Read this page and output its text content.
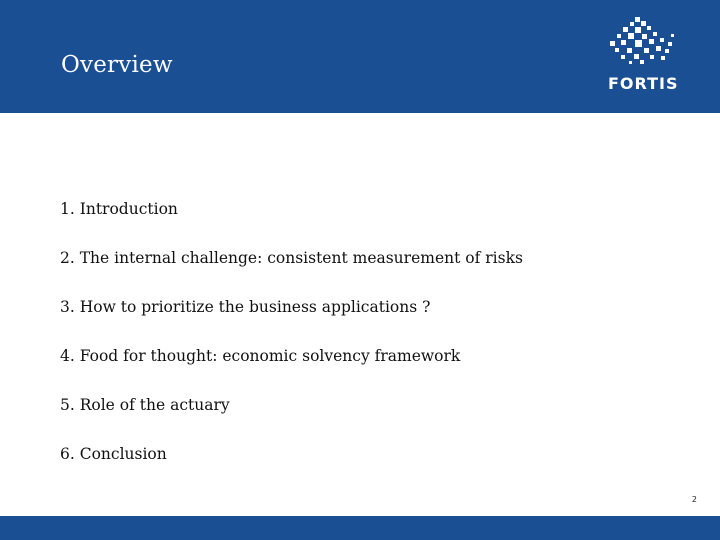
Overview
FORTIS
1. Introduction
2. The internal challenge: consistent measurement of risks
3. How to prioritize the business applications ?
4. Food for thought: economic solvency framework
5. Role of the actuary
6. Conclusion
2
